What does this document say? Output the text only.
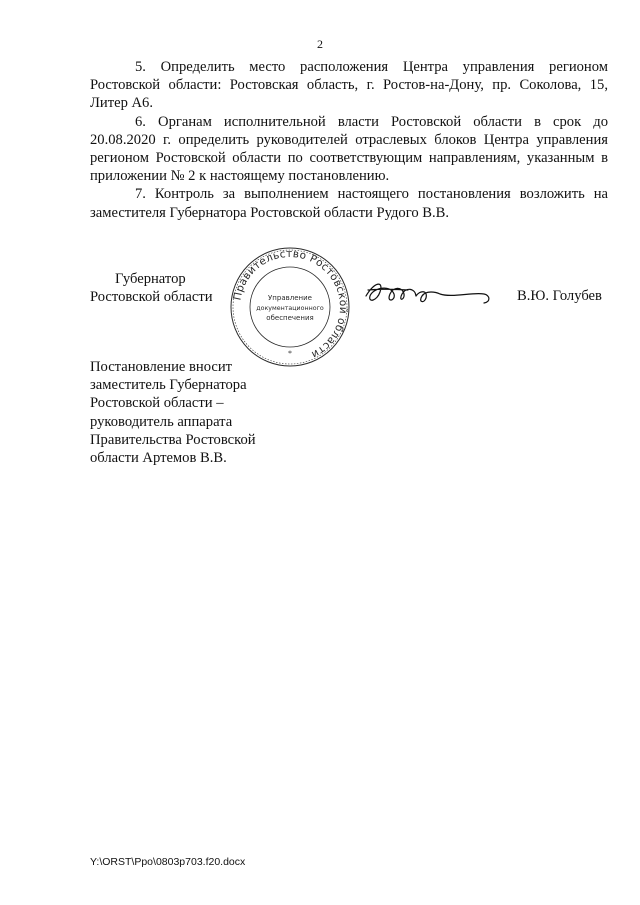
2

5. Определить место расположения Центра управления регионом Ростовской области: Ростовская область, г. Ростов-на-Дону, пр. Соколова, 15, Литер А6.

6. Органам исполнительной власти Ростовской области в срок до 20.08.2020 г. определить руководителей отраслевых блоков Центра управления регионом Ростовской области по соответствующим направлениям, указанным в приложении № 2 к настоящему постановлению.

7. Контроль за выполнением настоящего постановления возложить на заместителя Губернатора Ростовской области Рудого В.В.

Губернатор
Ростовской области Правительство Ростовской области
Управление
документационного
обеспечения
*
В.Ю. Голубев
Постановление вносит
заместитель Губернатора
Ростовской области –
руководитель аппарата
Правительства Ростовской
области Артемов В.В.
Y:\ORST\Ppo\0803p703.f20.docx
